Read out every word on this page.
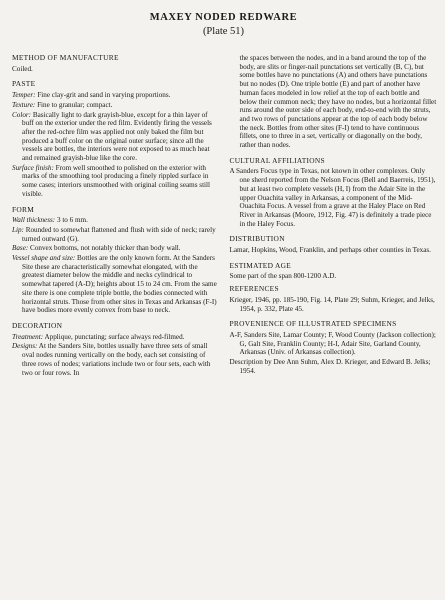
MAXEY NODED REDWARE
(Plate 51)
METHOD OF MANUFACTURE

Coiled.

PASTE

Temper: Fine clay-grit and sand in varying proportions.

Texture: Fine to granular; compact.

Color: Basically light to dark grayish-blue, except for a thin layer of buff on the exterior under the red film. Evidently firing the vessels after the red-ochre film was applied not only baked the film but produced a buff color on the original outer surface; since all the vessels are bottles, the interiors were not exposed to as much heat and remained grayish-blue like the core.

Surface finish: From well smoothed to polished on the exterior with marks of the smoothing tool producing a finely rippled surface in some cases; interiors unsmoothed with original coiling seams still visible.

FORM

Wall thickness: 3 to 6 mm.

Lip: Rounded to somewhat flattened and flush with side of neck; rarely turned outward (G).

Base: Convex bottoms, not notably thicker than body wall.

Vessel shape and size: Bottles are the only known form. At the Sanders Site these are characteristically somewhat elongated, with the greatest diameter below the middle and necks cylindrical to somewhat tapered (A-D); heights about 15 to 24 cm. From the same site there is one complete triple bottle, the bodies connected with horizontal struts. Those from other sites in Texas and Arkansas (F-I) have bodies more evenly convex from base to neck.

DECORATION

Treatment: Applique, punctating; surface always red-filmed.

Designs: At the Sanders Site, bottles usually have three sets of small oval nodes running vertically on the body, each set consisting of three rows of nodes; variations include two or four sets, each with two or four rows. In

the spaces between the nodes, and in a band around the top of the body, are slits or finger-nail punctations set vertically (B, C), but some bottles have no punctations (A) and others have punctations but no nodes (D). One triple bottle (E) and part of another have human faces modeled in low relief at the top of each bottle and below their common neck; they have no nodes, but a horizontal fillet runs around the outer side of each body, end-to-end with the struts, and two rows of punctations appear at the top of each body below the neck. Bottles from other sites (F-I) tend to have continuous fillets, one to three in a set, vertically or diagonally on the body, rather than nodes.

CULTURAL AFFILIATIONS

A Sanders Focus type in Texas, not known in other complexes. Only one sherd reported from the Nelson Focus (Bell and Baerreis, 1951), but at least two complete vessels (H, I) from the Adair Site in the upper Ouachita valley in Arkansas, a component of the Mid-Ouachita Focus. A vessel from a grave at the Haley Place on Red River in Arkansas (Moore, 1912, Fig. 47) is definitely a trade piece in the Haley Focus.

DISTRIBUTION

Lamar, Hopkins, Wood, Franklin, and perhaps other counties in Texas.

ESTIMATED AGE

Some part of the span 800-1200 A.D.

REFERENCES

Krieger, 1946, pp. 185-190, Fig. 14, Plate 29; Suhm, Krieger, and Jelks, 1954, p. 332, Plate 45.

PROVENIENCE OF ILLUSTRATED SPECIMENS

A-F, Sanders Site, Lamar County; F, Wood County (Jackson collection); G, Galt Site, Franklin County; H-I, Adair Site, Garland County, Arkansas (Univ. of Arkansas collection).

Description by Dee Ann Suhm, Alex D. Krieger, and Edward B. Jelks; 1954.
